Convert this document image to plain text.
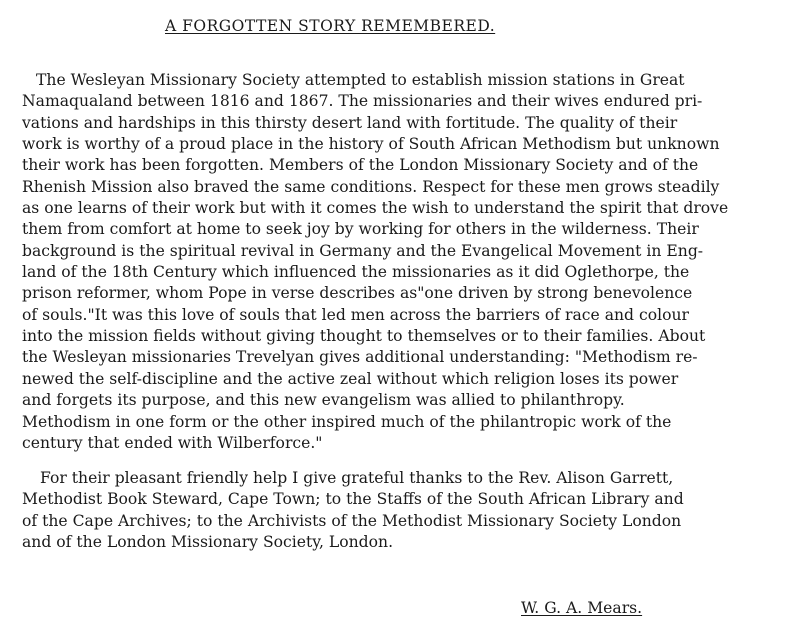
A FORGOTTEN STORY REMEMBERED.
The Wesleyan Missionary Society attempted to establish mission stations in Great
Namaqualand between 1816 and 1867. The missionaries and their wives endured pri-
vations and hardships in this thirsty desert land with fortitude. The quality of their
work is worthy of a proud place in the history of South African Methodism but unknown
their work has been forgotten. Members of the London Missionary Society and of the
Rhenish Mission also braved the same conditions. Respect for these men grows steadily
as one learns of their work but with it comes the wish to understand the spirit that drove
them from comfort at home to seek joy by working for others in the wilderness. Their
background is the spiritual revival in Germany and the Evangelical Movement in Eng-
land of the 18th Century which influenced the missionaries as it did Oglethorpe, the
prison reformer, whom Pope in verse describes as"one driven by strong benevolence
of souls."It was this love of souls that led men across the barriers of race and colour
into the mission fields without giving thought to themselves or to their families. About
the Wesleyan missionaries Trevelyan gives additional understanding: "Methodism re-
newed the self-discipline and the active zeal without which religion loses its power
and forgets its purpose, and this new evangelism was allied to philanthropy.
Methodism in one form or the other inspired much of the philantropic work of the
century that ended with Wilberforce."
For their pleasant friendly help I give grateful thanks to the Rev. Alison Garrett,
Methodist Book Steward, Cape Town; to the Staffs of the South African Library and
of the Cape Archives; to the Archivists of the Methodist Missionary Society London
and of the London Missionary Society, London.
W. G. A. Mears.
